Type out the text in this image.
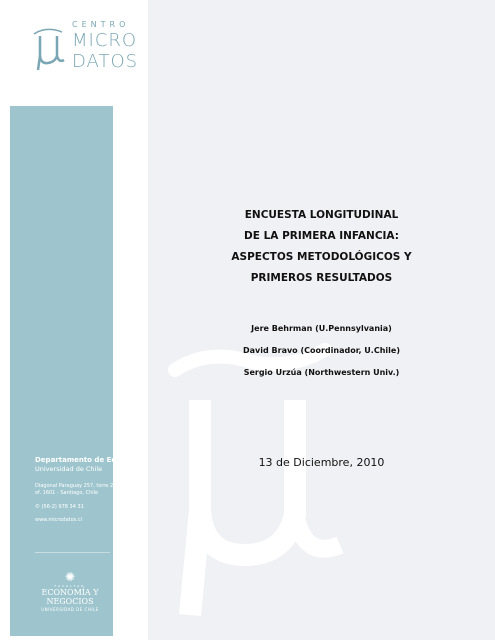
CENTRO
MICRO
DATOS
ENCUESTA LONGITUDINAL
DE LA PRIMERA INFANCIA:
ASPECTOS METODOLÓGICOS Y
PRIMEROS RESULTADOS
Jere Behrman (U.Pennsylvania)
David Bravo (Coordinador, U.Chile)
Sergio Urzúa (Northwestern Univ.)
13 de Diciembre, 2010
Departamento de Economía
Universidad de Chile
Diagonal Paraguay 257, torre 26,
of. 1601 - Santiago, Chile
© (56-2) 978 34 31
www.microdatos.cl
✺
FACULTAD
ECONOMÍA Y
NEGOCIOS
UNIVERSIDAD DE CHILE
